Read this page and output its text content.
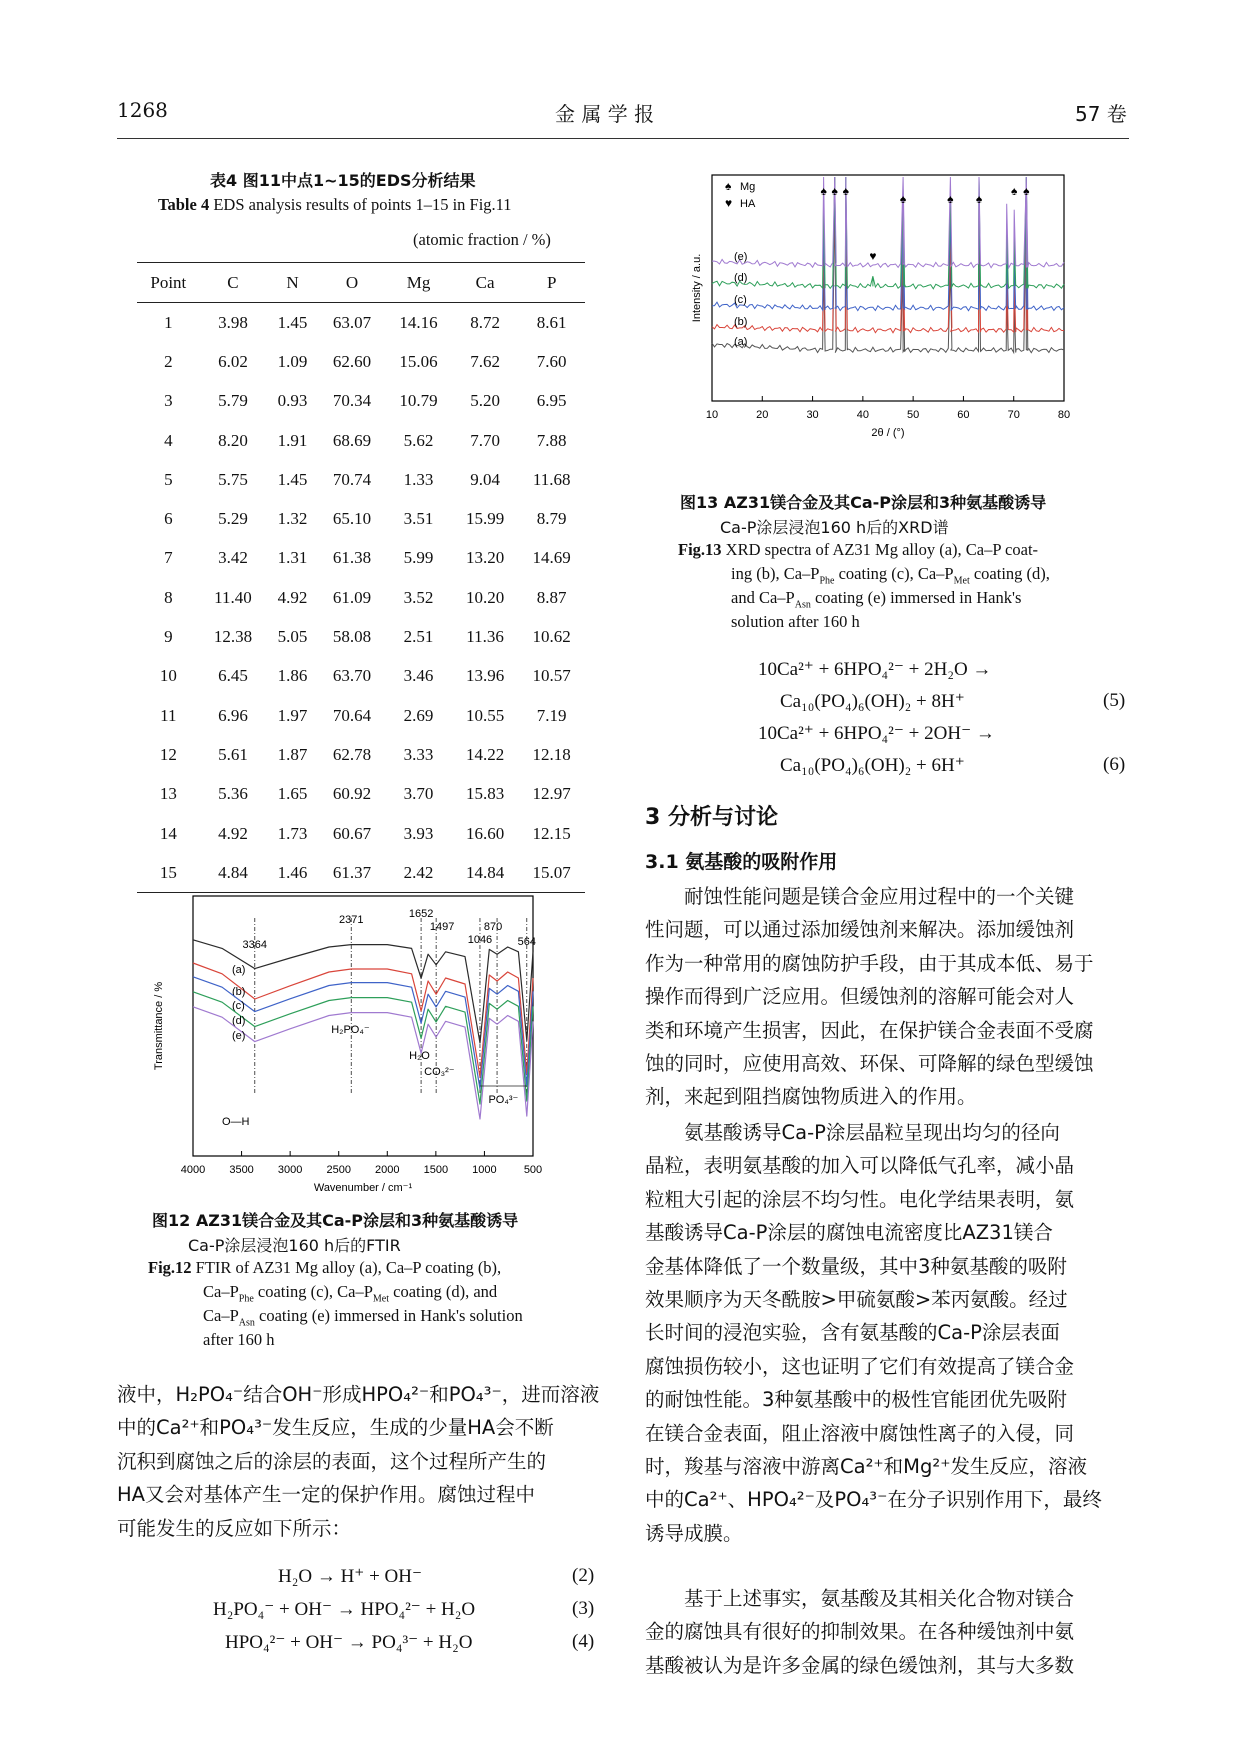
1268	金 属 学 报	57 卷
表4 图11中点1~15的EDS分析结果
Table 4 EDS analysis results of points 1–15 in Fig.11
(atomic fraction / %)
Point	C	N	O	Mg	Ca	P
1	3.98	1.45	63.07	14.16	8.72	8.61
2	6.02	1.09	62.60	15.06	7.62	7.60
3	5.79	0.93	70.34	10.79	5.20	6.95
4	8.20	1.91	68.69	5.62	7.70	7.88
5	5.75	1.45	70.74	1.33	9.04	11.68
6	5.29	1.32	65.10	3.51	15.99	8.79
7	3.42	1.31	61.38	5.99	13.20	14.69
8	11.40	4.92	61.09	3.52	10.20	8.87
9	12.38	5.05	58.08	2.51	11.36	10.62
10	6.45	1.86	63.70	3.46	13.96	10.57
11	6.96	1.97	70.64	2.69	10.55	7.19
12	5.61	1.87	62.78	3.33	14.22	12.18
13	5.36	1.65	60.92	3.70	15.83	12.97
14	4.92	1.73	60.67	3.93	16.60	12.15
15	4.84	1.46	61.37	2.42	14.84	15.07
4000 3500 3000 2500 2000 1500 1000 500
Wavenumber / cm⁻¹
Transmittance / %
3364
2371	1652
1497
1046
870
564
(a)
(b)
(c)
(d)
(e)
O—H
H₂PO₄⁻
H₂O
CO₃²⁻
PO₄³⁻
图12 AZ31镁合金及其Ca-P涂层和3种氨基酸诱导
Ca-P涂层浸泡160 h后的FTIR
Fig.12 FTIR of AZ31 Mg alloy (a), Ca–P coating (b),
$Ca-P_{Phe}$ coating (c), $Ca-P_{Met}$ coating (d), and
$Ca-P_{Asn}$ coating (e) immersed in Hank's solution
after 160 h
液中，H₂PO₄⁻结合OH⁻形成HPO₄²⁻和PO₄³⁻，进而溶液
中的Ca²⁺和PO₄³⁻发生反应，生成的少量HA会不断
沉积到腐蚀之后的涂层的表面，这个过程所产生的
HA又会对基体产生一定的保护作用。腐蚀过程中
可能发生的反应如下所示：
H₂O → H⁺ + OH⁻	(2)
H₂PO₄⁻ + OH⁻ → HPO₄²⁻ + H₂O	(3)
HPO₄²⁻ + OH⁻ → PO₄³⁻ + H₂O	(4)
10	20	30	40	50	60	70	80
2θ / (°)
Intensity / a.u.
♠ Mg
♥ HA
(a)
(b)
(c)
(d)
(e)
♠ ♠ ♠
♠	♠ ♠
♠ ♠
♥
图13 AZ31镁合金及其Ca-P涂层和3种氨基酸诱导
Ca-P涂层浸泡160 h后的XRD谱
Fig.13 XRD spectra of AZ31 Mg alloy (a), Ca–P coat-
ing (b), $Ca-P_{Phe}$ coating (c), $Ca-P_{Met}$ coating (d),
and $Ca-P_{Asn}$ coating (e) immersed in Hank's
solution after 160 h
10Ca²⁺ + 6HPO₄²⁻ + 2H₂O →
Ca₁₀(PO₄)₆(OH)₂ + 8H⁺	(5)
10Ca²⁺ + 6HPO₄²⁻ + 2OH⁻ →
Ca₁₀(PO₄)₆(OH)₂ + 6H⁺	(6)
3 分析与讨论
3.1 氨基酸的吸附作用
耐蚀性能问题是镁合金应用过程中的一个关键
性问题，可以通过添加缓蚀剂来解决。添加缓蚀剂
作为一种常用的腐蚀防护手段，由于其成本低、易于
操作而得到广泛应用。但缓蚀剂的溶解可能会对人
类和环境产生损害，因此，在保护镁合金表面不受腐
蚀的同时，应使用高效、环保、可降解的绿色型缓蚀
剂，来起到阻挡腐蚀物质进入的作用。
氨基酸诱导Ca-P涂层晶粒呈现出均匀的径向
晶粒，表明氨基酸的加入可以降低气孔率，减小晶
粒粗大引起的涂层不均匀性。电化学结果表明，氨
基酸诱导Ca-P涂层的腐蚀电流密度比AZ31镁合
金基体降低了一个数量级，其中3种氨基酸的吸附
效果顺序为天冬酰胺>甲硫氨酸>苯丙氨酸。经过
长时间的浸泡实验，含有氨基酸的Ca-P涂层表面
腐蚀损伤较小，这也证明了它们有效提高了镁合金
的耐蚀性能。3种氨基酸中的极性官能团优先吸附
在镁合金表面，阻止溶液中腐蚀性离子的入侵，同
时，羧基与溶液中游离Ca²⁺和Mg²⁺发生反应，溶液
中的Ca²⁺、HPO₄²⁻及PO₄³⁻在分子识别作用下，最终
诱导成膜。
基于上述事实，氨基酸及其相关化合物对镁合
金的腐蚀具有很好的抑制效果。在各种缓蚀剂中氨
基酸被认为是许多金属的绿色缓蚀剂，其与大多数
